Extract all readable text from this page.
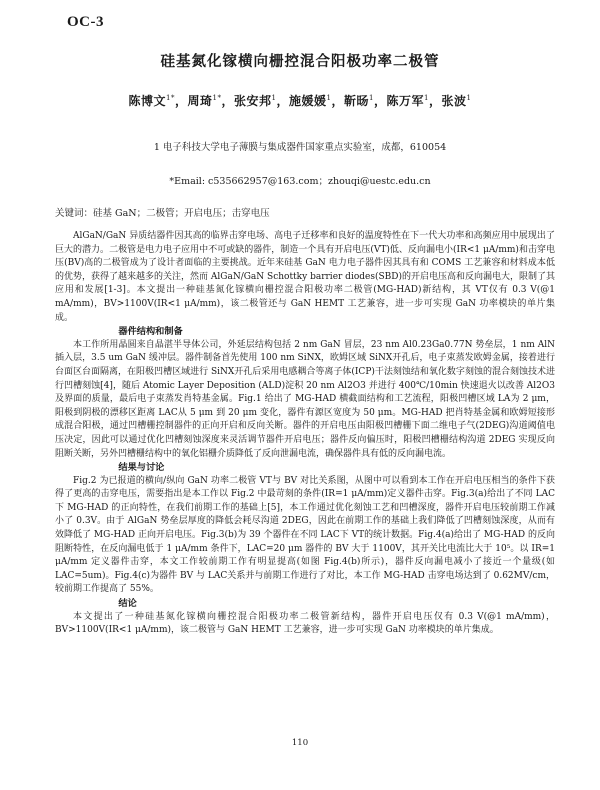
OC-3
硅基氮化镓横向栅控混合阳极功率二极管
陈博文$^{1*}$，周琦$^{1*}$，张安邦$^1$，施媛媛$^1$，靳旸$^1$，陈万军$^1$，张波$^1$
1 电子科技大学电子薄膜与集成器件国家重点实验室，成都，610054
*Email: c535662957@163.com；zhouqi@uestc.edu.cn
关键词：硅基 GaN；二极管；开启电压；击穿电压

AlGaN/GaN 异质结器件因其高的临界击穿电场、高电子迁移率和良好的温度特性在下一代大功率和高频应用中展现出了巨大的潜力。二极管是电力电子应用中不可或缺的器件，制造一个具有开启电压(VT)低、反向漏电小(IR<1 μA/mm)和击穿电压(BV)高的二极管成为了设计者面临的主要挑战。近年来硅基 GaN 电力电子器件因其具有和 COMS 工艺兼容和材料成本低的优势，获得了越来越多的关注，然而 AlGaN/GaN Schottky barrier diodes(SBD)的开启电压高和反向漏电大，限制了其应用和发展[1-3]。本文提出一种硅基氮化镓横向栅控混合阳极功率二极管(MG-HAD)新结构，其 VT仅有 0.3 V(@1 mA/mm)，BV>1100V(IR<1 μA/mm)，该二极管还与 GaN HEMT 工艺兼容，进一步可实现 GaN 功率模块的单片集成。

器件结构和制备

本工作所用晶圆来自晶湛半导体公司，外延层结构包括 2 nm GaN 冒层，23 nm Al0.23Ga0.77N 势垒层，1 nm AlN 插入层，3.5 um GaN 缓冲层。器件制备首先使用 100 nm SiNX，欧姆区域 SiNX开孔后，电子束蒸发欧姆金属，接着进行台面区台面隔离，在阳极凹槽区域进行 SiNX开孔后采用电感耦合等离子体(ICP)干法刻蚀结和氧化数字刻蚀的混合刻蚀技术进行凹槽刻蚀[4]，随后 Atomic Layer Deposition (ALD)淀积 20 nm Al2O3 并进行 400℃/10min 快速退火以改善 Al2O3 及界面的质量，最后电子束蒸发肖特基金属。Fig.1 给出了 MG-HAD 横截面结构和工艺流程，阳极凹槽区域 LA为 2 μm，阳极到阴极的漂移区距离 LAC从 5 μm 到 20 μm 变化，器件有源区宽度为 50 μm。MG-HAD 把肖特基金属和欧姆短接形成混合阳极，通过凹槽栅控制器件的正向开启和反向关断。器件的开启电压由阳极凹槽栅下面二维电子气(2DEG)沟道阈值电压决定，因此可以通过优化凹槽刻蚀深度来灵活调节器件开启电压；器件反向偏压时，阳极凹槽栅结构沟道 2DEG 实现反向阻断关断，另外凹槽栅结构中的氧化铝栅介质降低了反向泄漏电流，确保器件具有低的反向漏电流。

结果与讨论

Fig.2 为已报道的横向/纵向 GaN 功率二极管 VT与 BV 对比关系图，从图中可以看到本工作在开启电压相当的条件下获得了更高的击穿电压，需要指出是本工作以 Fig.2 中最苛刻的条件(IR=1 μA/mm)定义器件击穿。Fig.3(a)给出了不同 LAC下 MG-HAD 的正向特性，在我们前期工作的基础上[5]，本工作通过优化刻蚀工艺和凹槽深度，器件开启电压较前期工作减小了 0.3V。由于 AlGaN 势垒层厚度的降低会耗尽沟道 2DEG，因此在前期工作的基础上我们降低了凹槽刻蚀深度，从而有效降低了 MG-HAD 正向开启电压。Fig.3(b)为 39 个器件在不同 LAC下 VT的统计数据。Fig.4(a)给出了 MG-HAD 的反向阻断特性，在反向漏电低于 1 μA/mm 条件下，LAC=20 μm 器件的 BV 大于 1100V，其开关比电流比大于 10⁵。以 IR=1 μA/mm 定义器件击穿，本文工作较前期工作有明显提高(如图 Fig.4(b)所示)，器件反向漏电减小了接近一个量级(如 LAC=5um)。Fig.4(c)为器件 BV 与 LAC关系并与前期工作进行了对比，本工作 MG-HAD 击穿电场达到了 0.62MV/cm，较前期工作提高了 55%。

结论

本文提出了一种硅基氮化镓横向栅控混合阳极功率二极管新结构，器件开启电压仅有 0.3 V(@1 mA/mm)，BV>1100V(IR<1 μA/mm)，该二极管与 GaN HEMT 工艺兼容，进一步可实现 GaN 功率模块的单片集成。

110
